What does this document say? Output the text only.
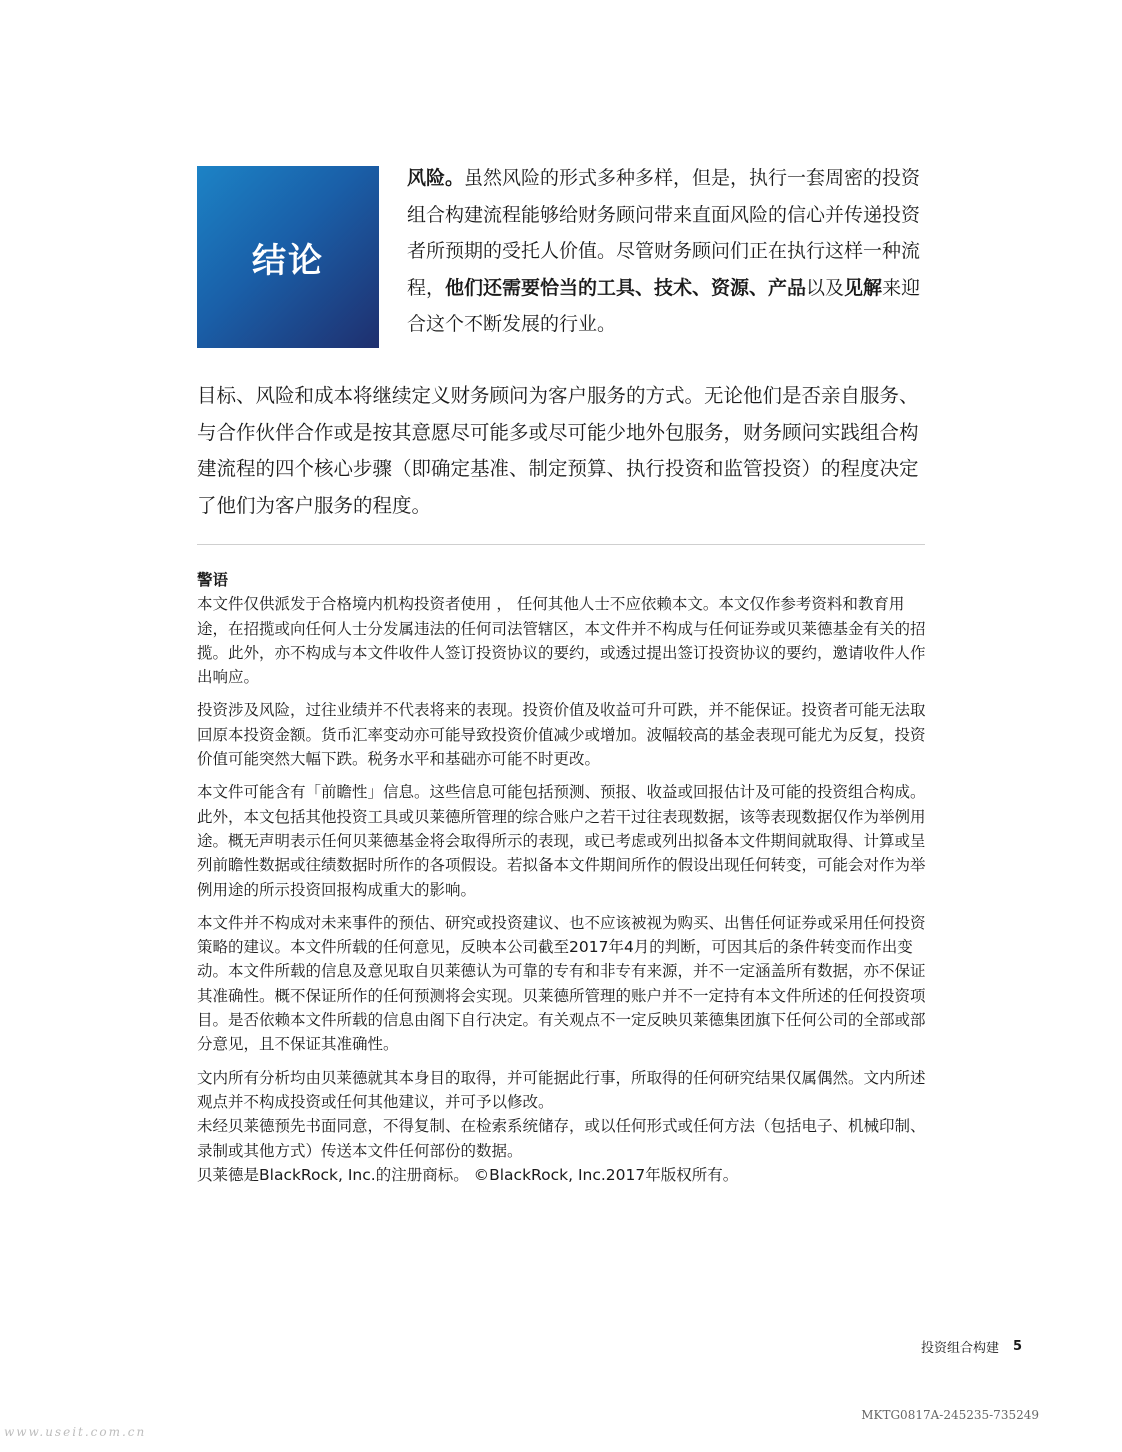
结论

风险。虽然风险的形式多种多样，但是，执行一套周密的投资组合构建流程能够给财务顾问带来直面风险的信心并传递投资者所预期的受托人价值。尽管财务顾问们正在执行这样一种流程，他们还需要恰当的工具、技术、资源、产品以及见解来迎合这个不断发展的行业。

目标、风险和成本将继续定义财务顾问为客户服务的方式。无论他们是否亲自服务、与合作伙伴合作或是按其意愿尽可能多或尽可能少地外包服务，财务顾问实践组合构建流程的四个核心步骤（即确定基准、制定预算、执行投资和监管投资）的程度决定了他们为客户服务的程度。

警语

本文件仅供派发于合格境内机构投资者使用 ， 任何其他人士不应依赖本文。本文仅作参考资料和教育用途，在招揽或向任何人士分发属违法的任何司法管辖区，本文件并不构成与任何证券或贝莱德基金有关的招揽。此外，亦不构成与本文件收件人签订投资协议的要约，或透过提出签订投资协议的要约，邀请收件人作出响应。

投资涉及风险，过往业绩并不代表将来的表现。投资价值及收益可升可跌，并不能保证。投资者可能无法取回原本投资金额。货币汇率变动亦可能导致投资价值减少或增加。波幅较高的基金表现可能尤为反复，投资价值可能突然大幅下跌。税务水平和基础亦可能不时更改。

本文件可能含有「前瞻性」信息。这些信息可能包括预测、预报、收益或回报估计及可能的投资组合构成。此外，本文包括其他投资工具或贝莱德所管理的综合账户之若干过往表现数据，该等表现数据仅作为举例用途。概无声明表示任何贝莱德基金将会取得所示的表现，或已考虑或列出拟备本文件期间就取得、计算或呈列前瞻性数据或往绩数据时所作的各项假设。若拟备本文件期间所作的假设出现任何转变，可能会对作为举例用途的所示投资回报构成重大的影响。

本文件并不构成对未来事件的预估、研究或投资建议、也不应该被视为购买、出售任何证券或采用任何投资策略的建议。本文件所载的任何意见，反映本公司截至2017年4月的判断，可因其后的条件转变而作出变动。本文件所载的信息及意见取自贝莱德认为可靠的专有和非专有来源，并不一定涵盖所有数据，亦不保证其准确性。概不保证所作的任何预测将会实现。贝莱德所管理的账户并不一定持有本文件所述的任何投资项目。是否依赖本文件所载的信息由阁下自行决定。有关观点不一定反映贝莱德集团旗下任何公司的全部或部分意见，且不保证其准确性。

文内所有分析均由贝莱德就其本身目的取得，并可能据此行事，所取得的任何研究结果仅属偶然。文内所述观点并不构成投资或任何其他建议，并可予以修改。

未经贝莱德预先书面同意，不得复制、在检索系统储存，或以任何形式或任何方法（包括电子、机械印制、录制或其他方式）传送本文件任何部份的数据。

贝莱德是BlackRock, Inc.的注册商标。 ©BlackRock, Inc.2017年版权所有。

投资组合构建 5
MKTG0817A-245235-735249
www.useit.com.cn
